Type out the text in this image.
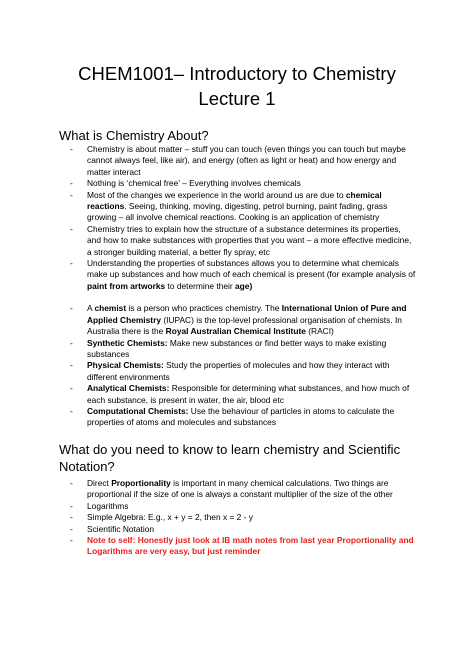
CHEM1001– Introductory to Chemistry
Lecture 1
What is Chemistry About?
- Chemistry is about matter – stuff you can touch (even things you can touch but maybe cannot always feel, like air), and energy (often as light or heat) and how energy and matter interact
- Nothing is ‘chemical free’ – Everything involves chemicals
- Most of the changes we experience in the world around us are due to chemical reactions. Seeing, thinking, moving, digesting, petrol burning, paint fading, grass growing – all involve chemical reactions. Cooking is an application of chemistry
- Chemistry tries to explain how the structure of a substance determines its properties, and how to make substances with properties that you want – a more effective medicine, a stronger building material, a better fly spray, etc
- Understanding the properties of substances allows you to determine what chemicals make up substances and how much of each chemical is present (for example analysis of paint from artworks to determine their age)
- A chemist is a person who practices chemistry. The International Union of Pure and Applied Chemistry (IUPAC) is the top-level professional organisation of chemists. In Australia there is the Royal Australian Chemical Institute (RACI)
- Synthetic Chemists: Make new substances or find better ways to make existing substances
- Physical Chemists: Study the properties of molecules and how they interact with different environments
- Analytical Chemists: Responsible for determining what substances, and how much of each substance, is present in water, the air, blood etc
- Computational Chemists: Use the behaviour of particles in atoms to calculate the properties of atoms and molecules and substances
What do you need to know to learn chemistry and Scientific Notation?
- Direct Proportionality is important in many chemical calculations. Two things are proportional if the size of one is always a constant multiplier of the size of the other
- Logarithms
- Simple Algebra: E.g., x + y = 2, then x = 2 - y
- Scientific Notation
- Note to self: Honestly just look at IB math notes from last year Proportionality and Logarithms are very easy, but just reminder
